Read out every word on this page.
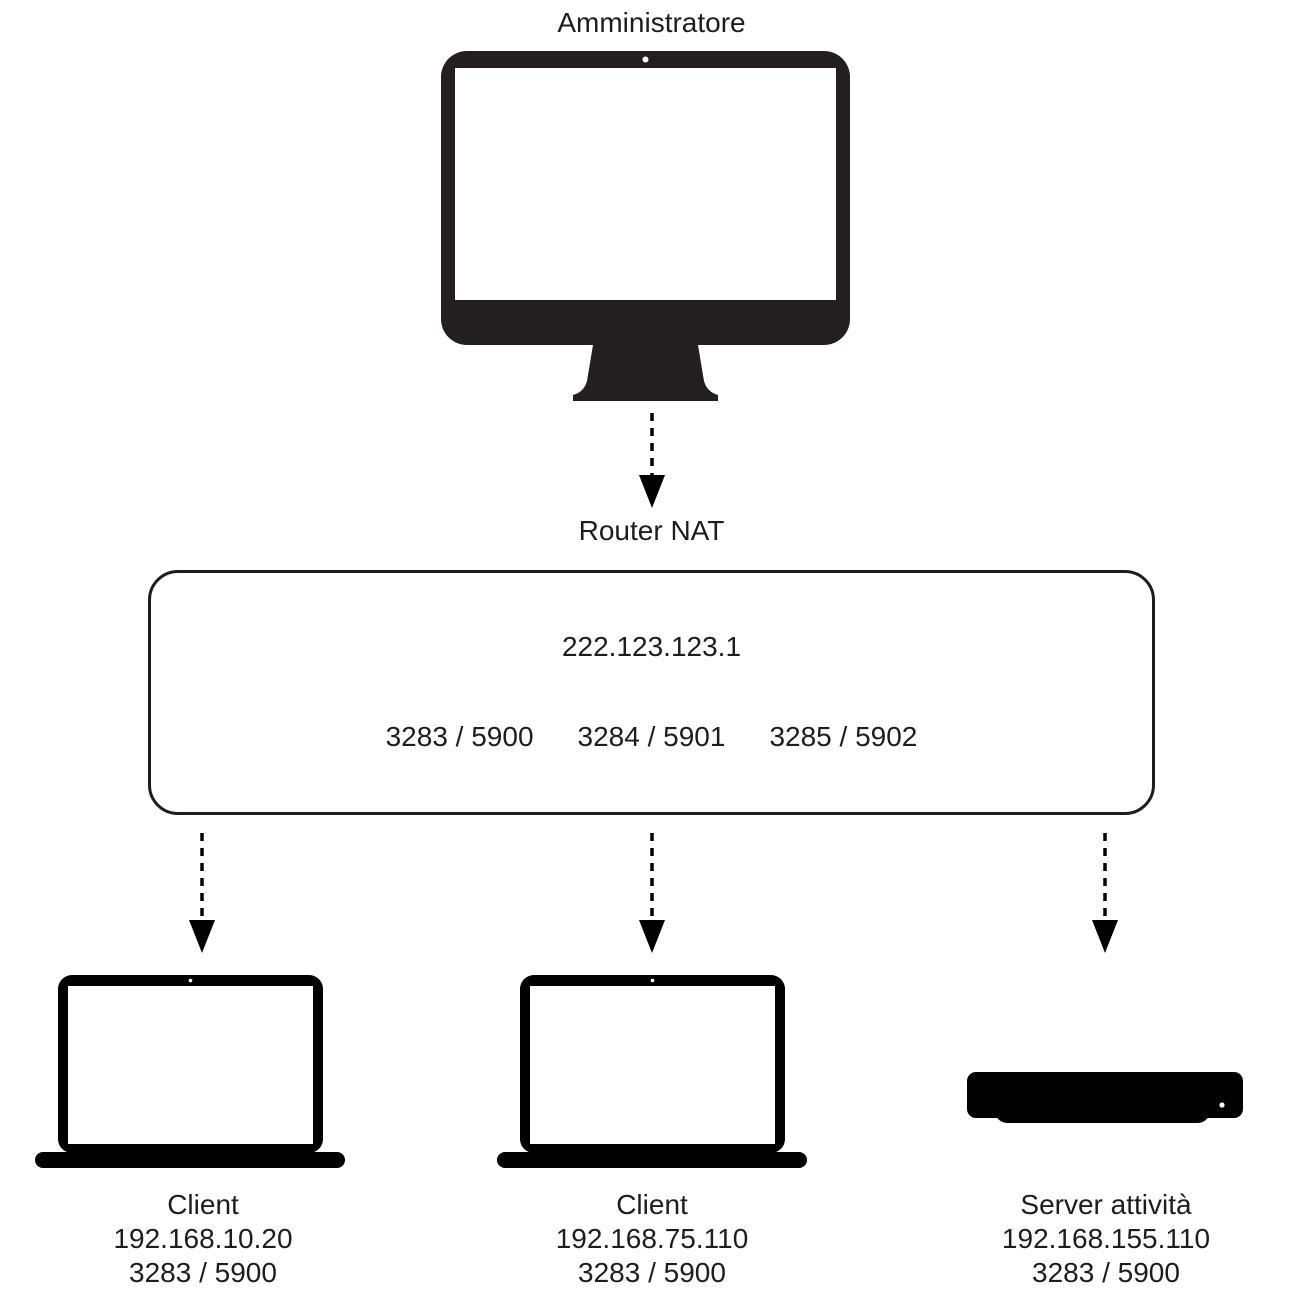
Amministratore
Router NAT
222.123.123.1
3283 / 5900 3284 / 5901 3285 / 5902
Client
192.168.10.20
3283 / 5900
Client
192.168.75.110
3283 / 5900
Server attività
192.168.155.110
3283 / 5900
